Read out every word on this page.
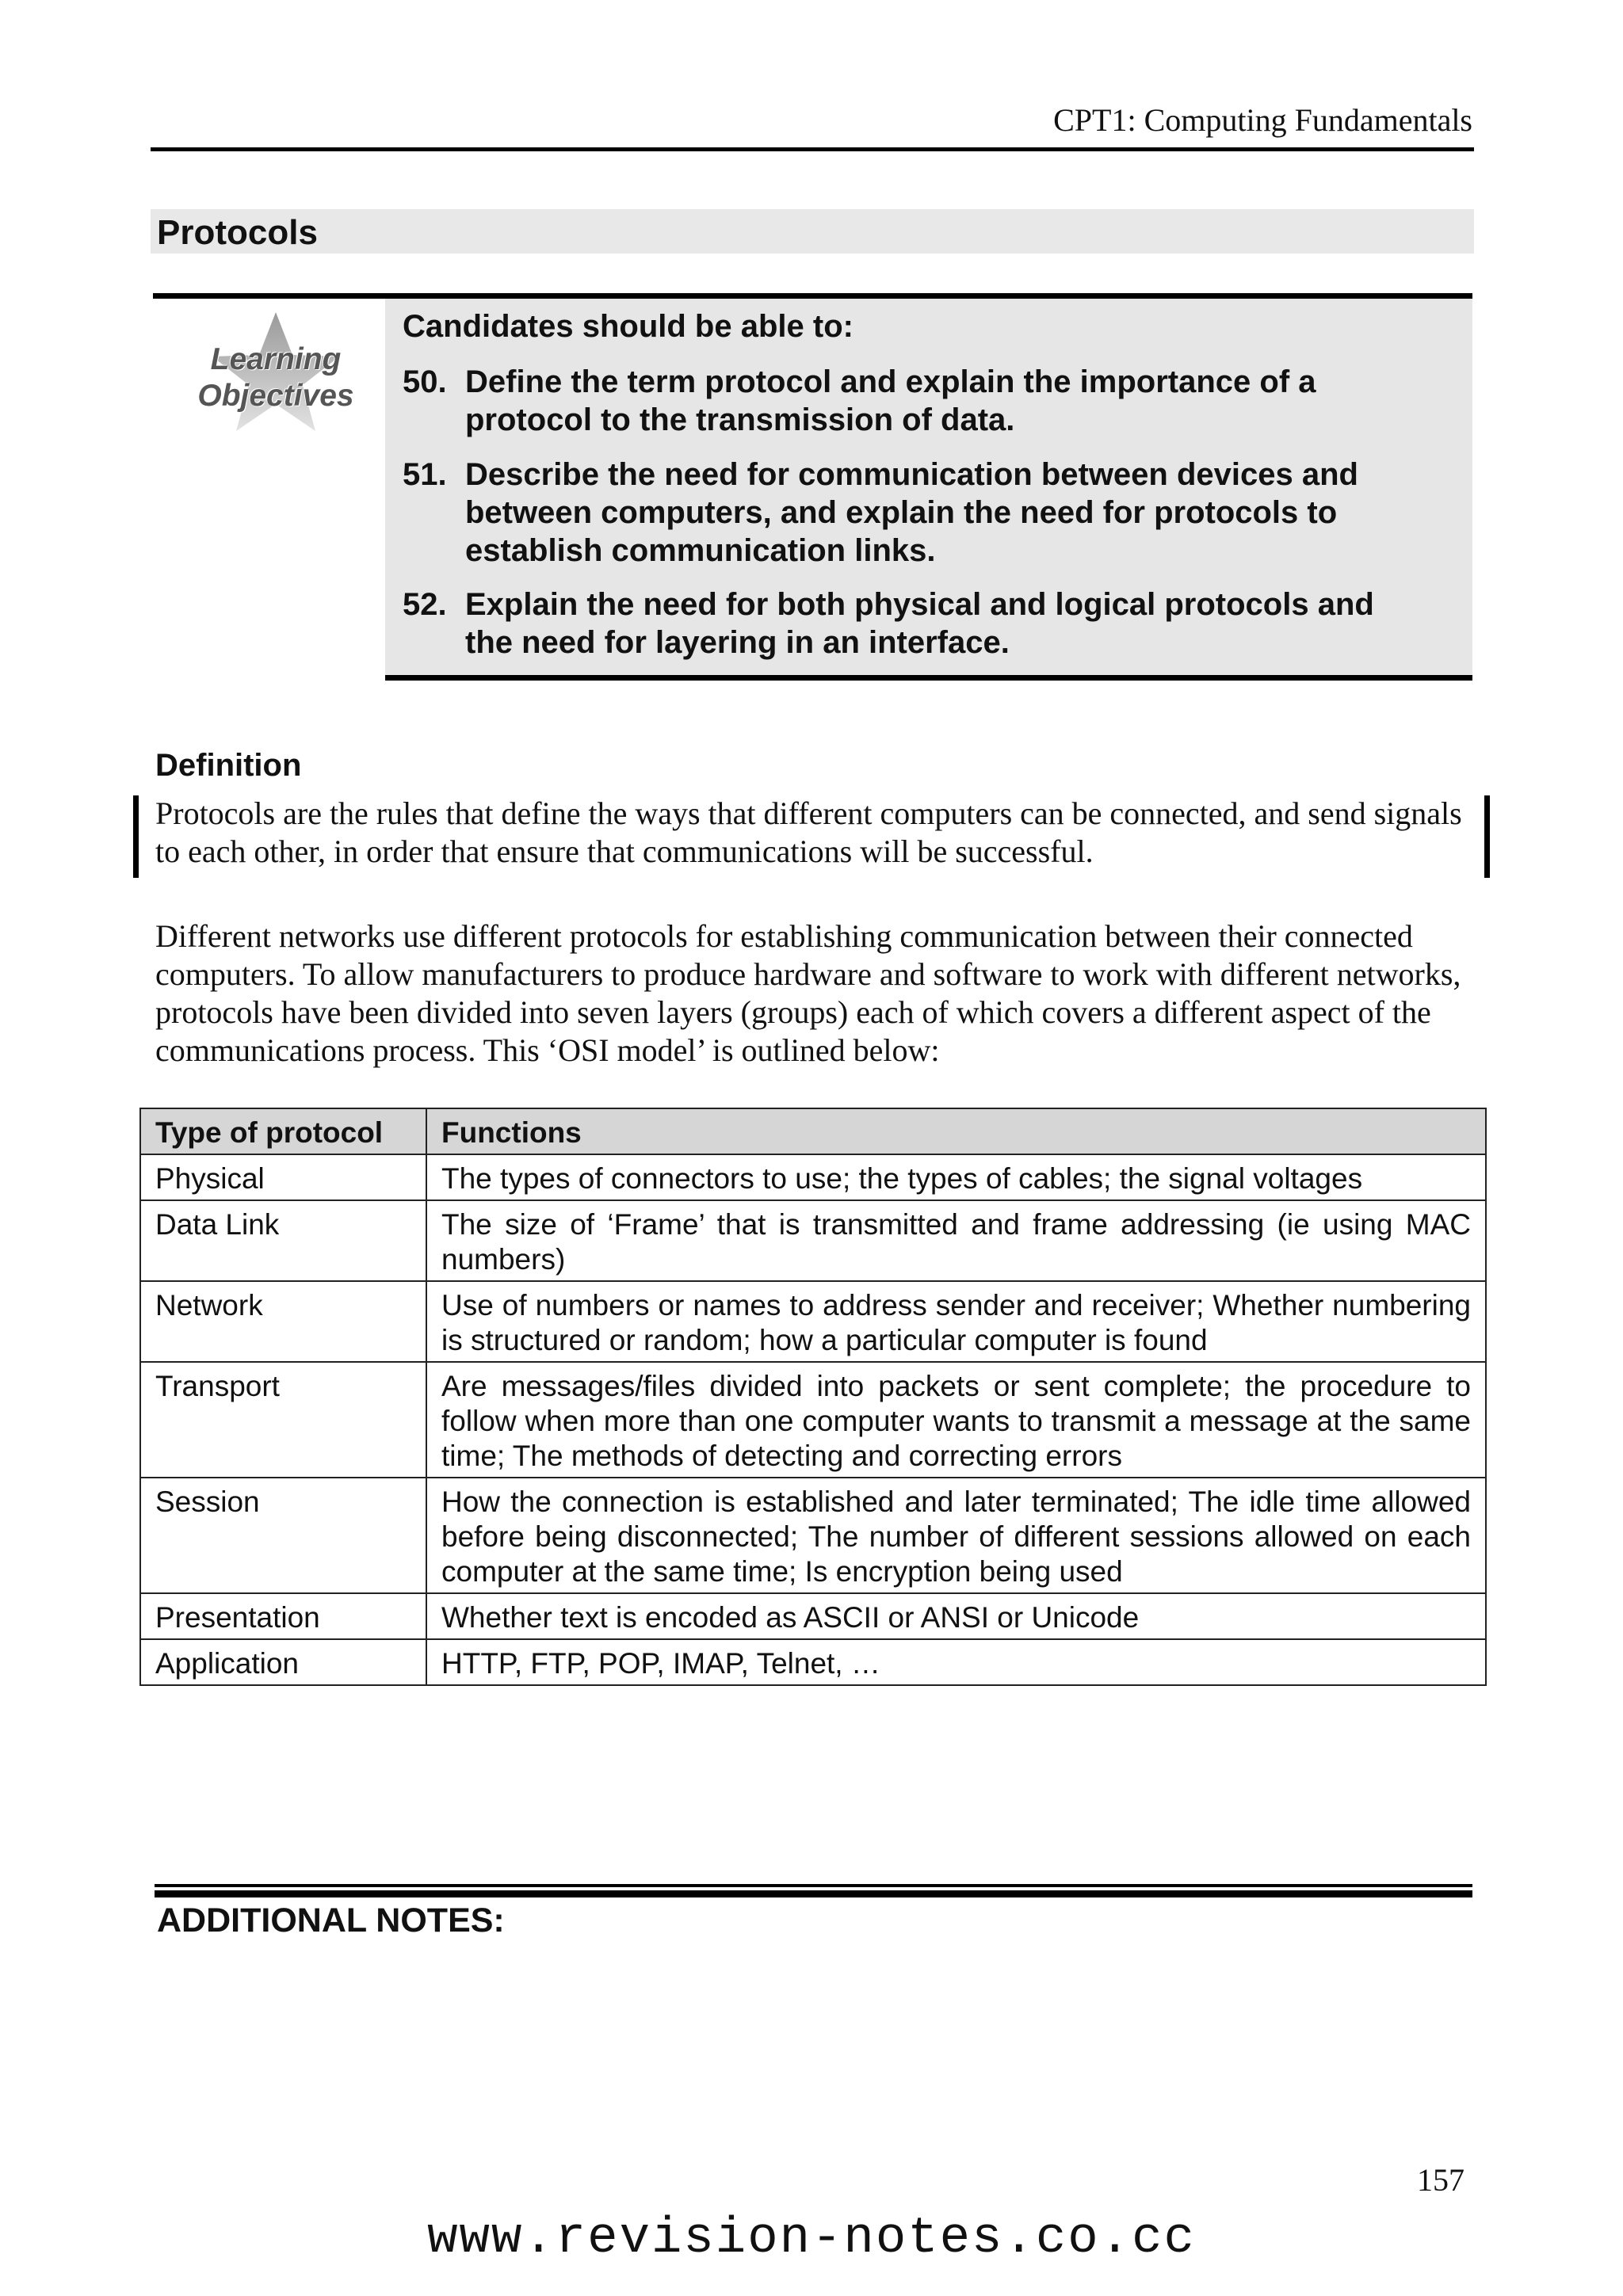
CPT1: Computing Fundamentals
Protocols
Learning
Objectives
Candidates should be able to:
50. Define the term protocol and explain the importance of a protocol to the transmission of data.
51. Describe the need for communication between devices and between computers, and explain the need for protocols to establish communication links.
52. Explain the need for both physical and logical protocols and the need for layering in an interface.
Definition
Protocols are the rules that define the ways that different computers can be connected, and send signals to each other, in order that ensure that communications will be successful.
Different networks use different protocols for establishing communication between their connected computers. To allow manufacturers to produce hardware and software to work with different networks, protocols have been divided into seven layers (groups) each of which covers a different aspect of the communications process. This ‘OSI model’ is outlined below:
Type of protocol	Functions
Physical	The types of connectors to use; the types of cables; the signal voltages
Data Link	The size of ‘Frame’ that is transmitted and frame addressing (ie using MAC numbers)
Network	Use of numbers or names to address sender and receiver; Whether numbering is structured or random; how a particular computer is found
Transport	Are messages/files divided into packets or sent complete; the procedure to follow when more than one computer wants to transmit a message at the same time; The methods of detecting and correcting errors
Session	How the connection is established and later terminated; The idle time allowed before being disconnected; The number of different sessions allowed on each computer at the same time; Is encryption being used
Presentation	Whether text is encoded as ASCII or ANSI or Unicode
Application	HTTP, FTP, POP, IMAP, Telnet, …
ADDITIONAL NOTES:
157
www.revision-notes.co.cc
